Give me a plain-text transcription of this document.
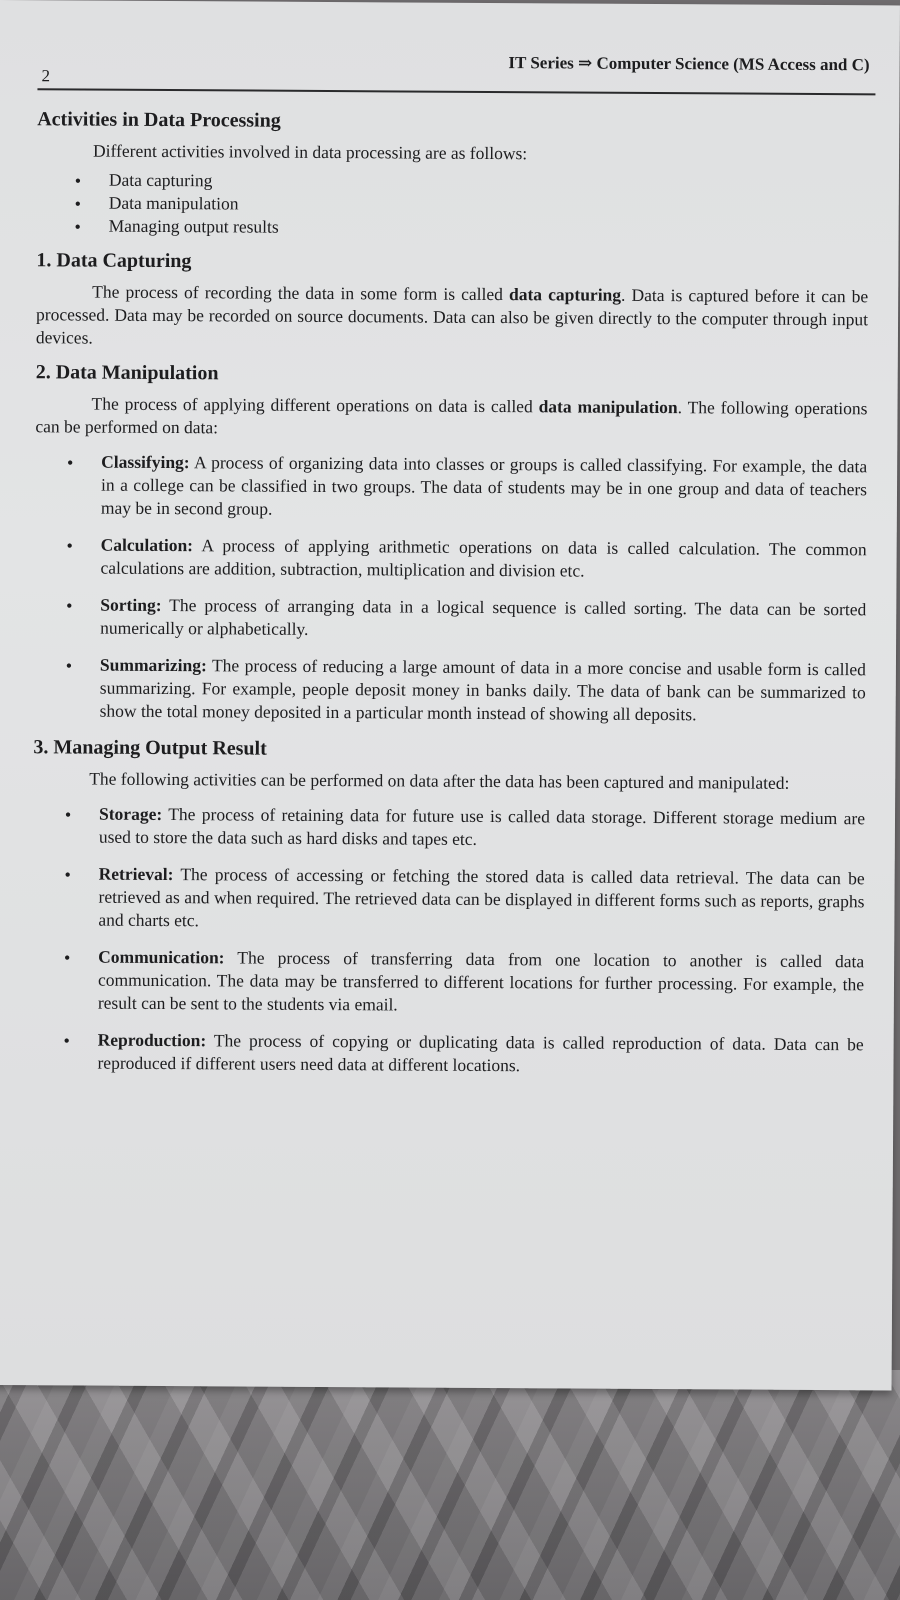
2
IT Series ⇒ Computer Science (MS Access and C)
Activities in Data Processing

Different activities involved in data processing are as follows:

● Data capturing
● Data manipulation
● Managing output results
1. Data Capturing

The process of recording the data in some form is called data capturing. Data is captured before it can be processed. Data may be recorded on source documents. Data can also be given directly to the computer through input devices.

2. Data Manipulation

The process of applying different operations on data is called data manipulation. The following operations can be performed on data:

● Classifying: A process of organizing data into classes or groups is called classifying. For example, the data in a college can be classified in two groups. The data of students may be in one group and data of teachers may be in second group.
● Calculation: A process of applying arithmetic operations on data is called calculation. The common calculations are addition, subtraction, multiplication and division etc.
● Sorting: The process of arranging data in a logical sequence is called sorting. The data can be sorted numerically or alphabetically.
● Summarizing: The process of reducing a large amount of data in a more concise and usable form is called summarizing. For example, people deposit money in banks daily. The data of bank can be summarized to show the total money deposited in a particular month instead of showing all deposits.
3. Managing Output Result

The following activities can be performed on data after the data has been captured and manipulated:

● Storage: The process of retaining data for future use is called data storage. Different storage medium are used to store the data such as hard disks and tapes etc.
● Retrieval: The process of accessing or fetching the stored data is called data retrieval. The data can be retrieved as and when required. The retrieved data can be displayed in different forms such as reports, graphs and charts etc.
● Communication: The process of transferring data from one location to another is called data communication. The data may be transferred to different locations for further processing. For example, the result can be sent to the students via email.
● Reproduction: The process of copying or duplicating data is called reproduction of data. Data can be reproduced if different users need data at different locations.
